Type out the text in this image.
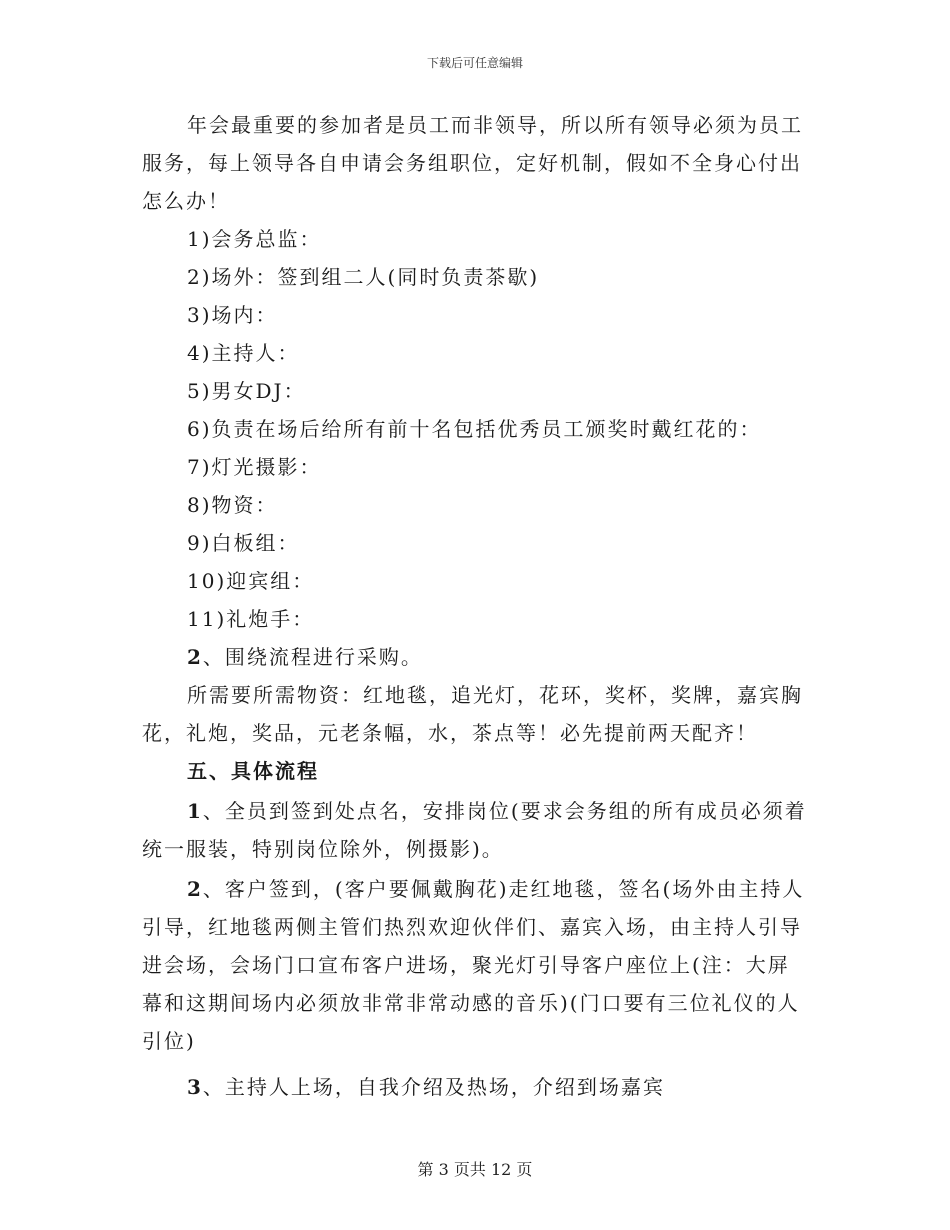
下载后可任意编辑

年会最重要的参加者是员工而非领导，所以所有领导必须为员工服务，每上领导各自申请会务组职位，定好机制，假如不全身心付出怎么办！

1)会务总监：

2)场外：签到组二人(同时负责茶歇)

3)场内：

4)主持人：

5)男女DJ：

6)负责在场后给所有前十名包括优秀员工颁奖时戴红花的：

7)灯光摄影：

8)物资：

9)白板组：

10)迎宾组：

11)礼炮手：

2、围绕流程进行采购。

所需要所需物资：红地毯，追光灯，花环，奖杯，奖牌，嘉宾胸花，礼炮，奖品，元老条幅，水，茶点等！必先提前两天配齐！

五、具体流程

1、全员到签到处点名，安排岗位(要求会务组的所有成员必须着统一服装，特别岗位除外，例摄影)。

2、客户签到，(客户要佩戴胸花)走红地毯，签名(场外由主持人引导，红地毯两侧主管们热烈欢迎伙伴们、嘉宾入场，由主持人引导进会场，会场门口宣布客户进场，聚光灯引导客户座位上(注：大屏幕和这期间场内必须放非常非常动感的音乐)(门口要有三位礼仪的人引位)

3、主持人上场，自我介绍及热场，介绍到场嘉宾

第 3 页共 12 页
